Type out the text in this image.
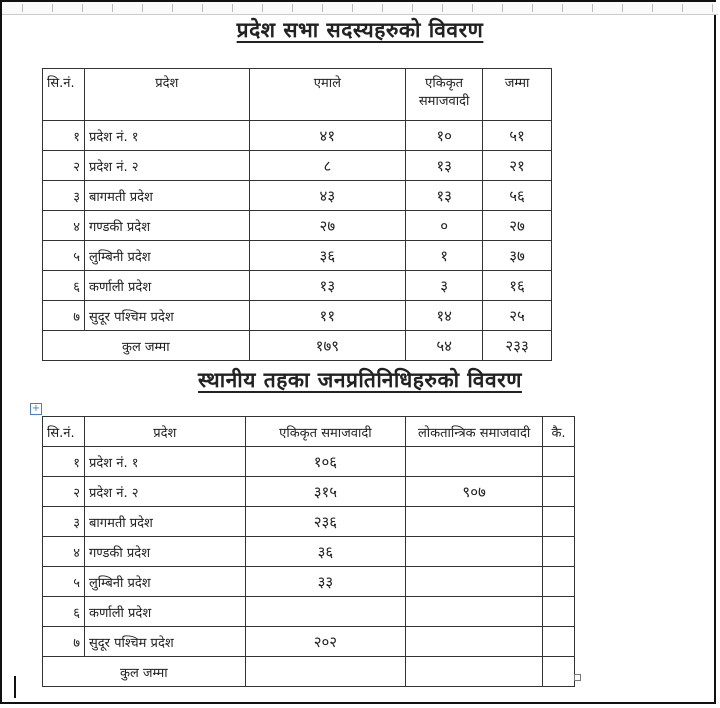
प्रदेश सभा सदस्यहरुको विवरण
सि.नं.	प्रदेश	एमाले	एकिकृत समाजवादी	जम्मा
१	प्रदेश नं. १	४१	१०	५१
२	प्रदेश नं. २	८	१३	२१
३	बागमती प्रदेश	४३	१३	५६
४	गण्डकी प्रदेश	२७	०	२७
५	लुम्बिनी प्रदेश	३६	१	३७
६	कर्णाली प्रदेश	१३	३	१६
७	सुदूर पश्चिम प्रदेश	११	१४	२५
कुल जम्मा		१७९	५४	२३३
स्थानीय तहका जनप्रतिनिधिहरुको विवरण
+
सि.नं.	प्रदेश	एकिकृत समाजवादी	लोकतान्त्रिक समाजवादी	कै.
१	प्रदेश नं. १	१०६		
२	प्रदेश नं. २	३१५	९०७	
३	बागमती प्रदेश	२३६		
४	गण्डकी प्रदेश	३६		
५	लुम्बिनी प्रदेश	३३		
६	कर्णाली प्रदेश			
७	सुदूर पश्चिम प्रदेश	२०२		
कुल जम्मा				
